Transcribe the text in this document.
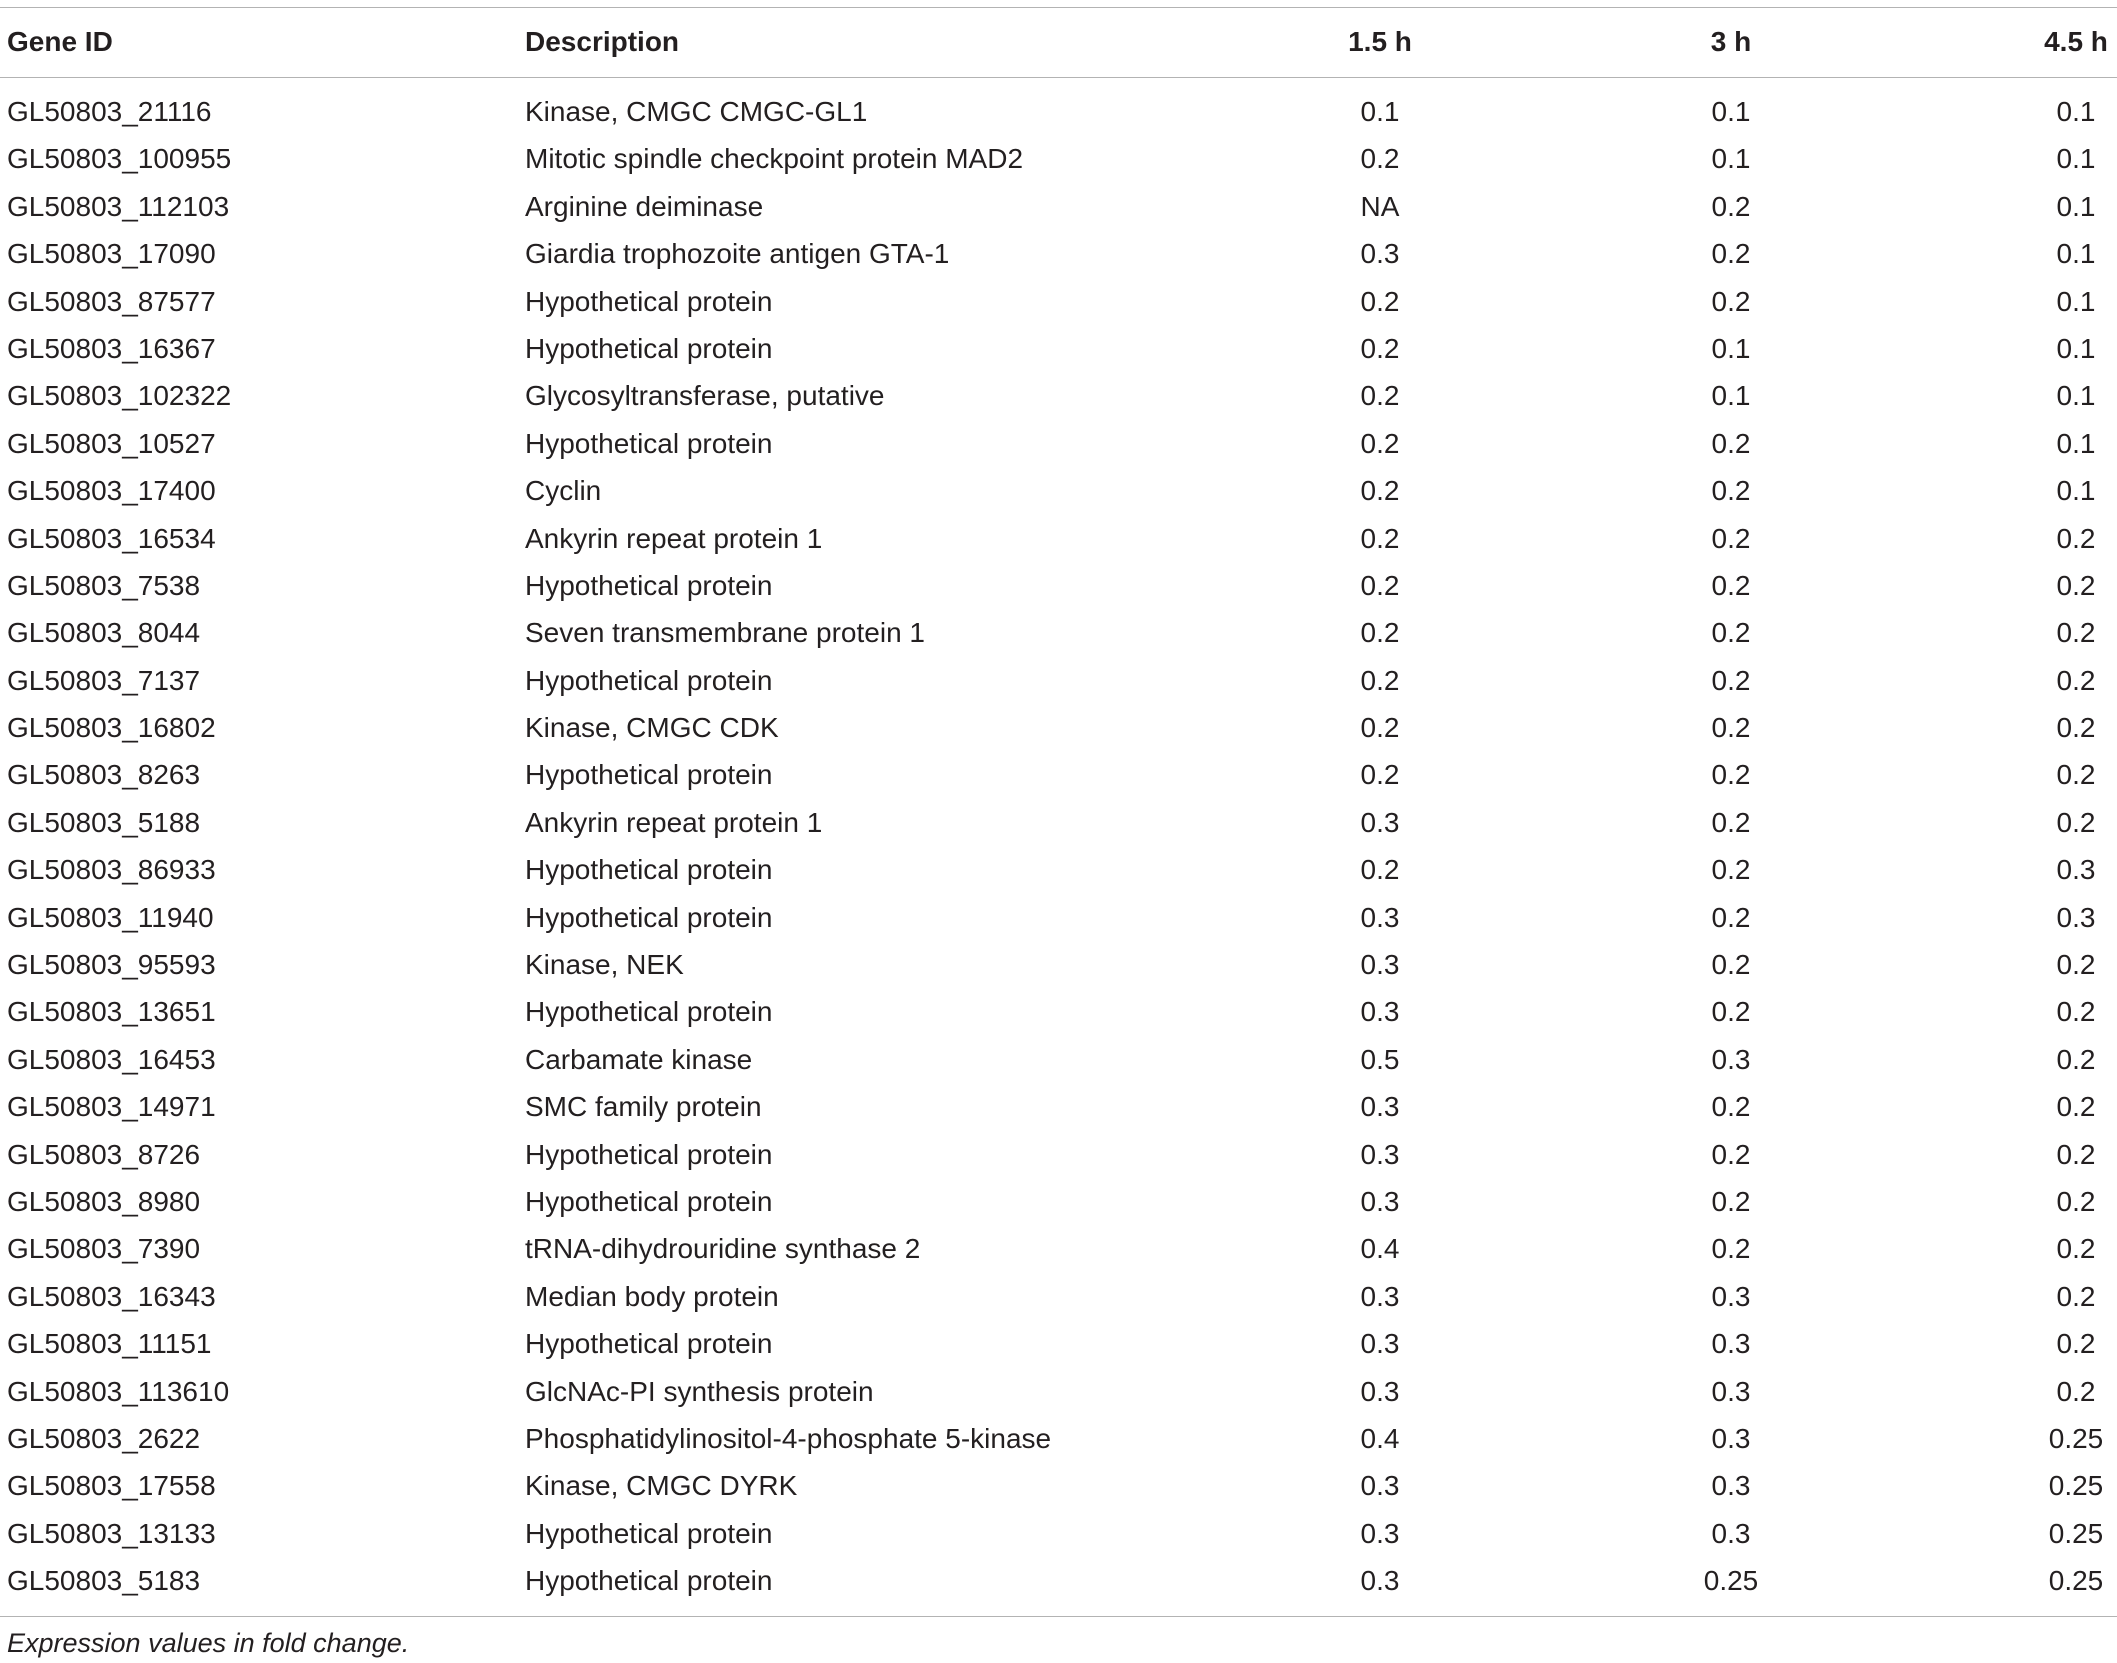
Gene ID	Description	1.5 h	3 h	4.5 h
GL50803_21116	Kinase, CMGC CMGC-GL1	0.1	0.1	0.1
GL50803_100955	Mitotic spindle checkpoint protein MAD2	0.2	0.1	0.1
GL50803_112103	Arginine deiminase	NA	0.2	0.1
GL50803_17090	Giardia trophozoite antigen GTA-1	0.3	0.2	0.1
GL50803_87577	Hypothetical protein	0.2	0.2	0.1
GL50803_16367	Hypothetical protein	0.2	0.1	0.1
GL50803_102322	Glycosyltransferase, putative	0.2	0.1	0.1
GL50803_10527	Hypothetical protein	0.2	0.2	0.1
GL50803_17400	Cyclin	0.2	0.2	0.1
GL50803_16534	Ankyrin repeat protein 1	0.2	0.2	0.2
GL50803_7538	Hypothetical protein	0.2	0.2	0.2
GL50803_8044	Seven transmembrane protein 1	0.2	0.2	0.2
GL50803_7137	Hypothetical protein	0.2	0.2	0.2
GL50803_16802	Kinase, CMGC CDK	0.2	0.2	0.2
GL50803_8263	Hypothetical protein	0.2	0.2	0.2
GL50803_5188	Ankyrin repeat protein 1	0.3	0.2	0.2
GL50803_86933	Hypothetical protein	0.2	0.2	0.3
GL50803_11940	Hypothetical protein	0.3	0.2	0.3
GL50803_95593	Kinase, NEK	0.3	0.2	0.2
GL50803_13651	Hypothetical protein	0.3	0.2	0.2
GL50803_16453	Carbamate kinase	0.5	0.3	0.2
GL50803_14971	SMC family protein	0.3	0.2	0.2
GL50803_8726	Hypothetical protein	0.3	0.2	0.2
GL50803_8980	Hypothetical protein	0.3	0.2	0.2
GL50803_7390	tRNA-dihydrouridine synthase 2	0.4	0.2	0.2
GL50803_16343	Median body protein	0.3	0.3	0.2
GL50803_11151	Hypothetical protein	0.3	0.3	0.2
GL50803_113610	GlcNAc-PI synthesis protein	0.3	0.3	0.2
GL50803_2622	Phosphatidylinositol-4-phosphate 5-kinase	0.4	0.3	0.25
GL50803_17558	Kinase, CMGC DYRK	0.3	0.3	0.25
GL50803_13133	Hypothetical protein	0.3	0.3	0.25
GL50803_5183	Hypothetical protein	0.3	0.25	0.25
Expression values in fold change.
